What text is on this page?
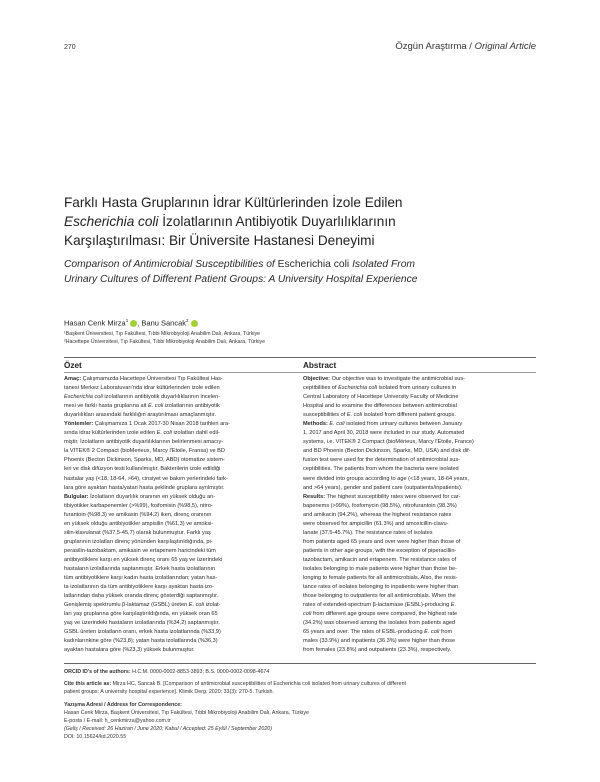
270	Özgün Araştırma / Original Article
Farklı Hasta Gruplarının İdrar Kültürlerinden İzole Edilen
Escherichia coli İzolatlarının Antibiyotik Duyarlılıklarının
Karşılaştırılması: Bir Üniversite Hastanesi Deneyimi
Comparison of Antimicrobial Susceptibilities of Escherichia coli Isolated From
Urinary Cultures of Different Patient Groups: A University Hospital Experience
Hasan Cenk Mirza$^1$ , Banu Sancak$^2$
¹Başkent Üniversitesi, Tıp Fakültesi, Tıbbi Mikrobiyoloji Anabilim Dalı, Ankara, Türkiye
²Hacettepe Üniversitesi, Tıp Fakültesi, Tıbbi Mikrobiyoloji Anabilim Dalı, Ankara, Türkiye
Özet	Abstract
Amaç: Çalışmamızda Hacettepe Üniversitesi Tıp Fakültesi Has-
tanesi Merkez Laboratuvarı'nda idrar kültürlerinden izole edilen
Escherichia coli izolatlarının antibiyotik duyarlılıklarının incelen-
mesi ve farklı hasta gruplarına ait E. coli izolatlarının antibiyotik
duyarlılıkları arasındaki farklılığın araştırılması amaçlanmıştır.
Yöntemler: Çalışmamıza 1 Ocak 2017-30 Nisan 2018 tarihleri ara-
sında idrar kültürlerinden izole edilen E. coli izolatları dahil edil-
miştir. İzolatların antibiyotik duyarlılıklarının belirlenmesi amacıy-
la VITEK® 2 Compact (bioMerieux, Marcy l'Etoile, Fransa) ve BD
Phoenix (Becton Dickinson, Sparks, MD, ABD) otomatize sistem-
leri ve disk difüzyon testi kullanılmıştır. Bakterilerin izole edildiği
hastalar yaş (<18, 18-64, >64), cinsiyet ve bakım yerlerindeki fark-
lara göre ayaktan hasta/yatan hasta şeklinde gruplara ayrılmıştır.
Bulgular: İzolatların duyarlılık oranının en yüksek olduğu an-
tibiyotikler karbapenemler (>%99), fosfomisin (%98,5), nitro-
furantoin (%98,3) ve amikasin (%94,2) iken, direnç oranının
en yüksek olduğu antibiyotikler ampisilin (%61,3) ve amoksi-
silin-klavulanat (%37,5-45,7) olarak bulunmuştur. Farklı yaş
gruplarının izolatları direnç yönünden karşılaştırıldığında, pi-
perasilin-tazobaktam, amikasin ve ertapenem haricindeki tüm
antibiyotiklere karşı en yüksek direnç oranı 65 yaş ve üzerindeki
hastaların izolatlarında saptanmıştır. Erkek hasta izolatlarının
tüm antibiyotiklere karşı kadın hasta izolatlarından; yatan has-
ta izolatlarının da tüm antibiyotiklere karşı ayaktan hasta izo-
latlarından daha yüksek oranda direnç gösterdiği saptanmıştır.
Genişlemiş spektrumlu β-laktamaz (GSBL) üreten E. coli izolat-
ları yaş gruplarına göre karşılaştırıldığında, en yüksek oran 65
yaş ve üzerindeki hastaların izolatlarında (%34,2) saptanmıştır.
GSBL üreten izolatların oranı, erkek hasta izolatlarında (%33,9)
kadınlarınkine göre (%23,8); yatan hasta izolatlarında (%36,3)
ayaktan hastalara göre (%23,3) yüksek bulunmuştur.
Objective: Our objective was to investigate the antimicrobial sus-
ceptibilities of Escherichia coli isolated from urinary cultures in
Central Laboratory of Hacettepe University Faculty of Medicine
Hospital and to examine the differences between antimicrobial
susceptibilities of E. coli isolated from different patient groups.
Methods: E. coli isolated from urinary cultures between January
1, 2017 and April 30, 2018 were included in our study. Automated
systems, i.e. VITEK® 2 Compact (bioMérieux, Marcy l'Etoile, France)
and BD Phoenix (Becton Dickinson, Sparks, MD, USA) and disk dif-
fusion test were used for the determination of antimicrobial sus-
ceptibilities. The patients from whom the bacteria were isolated
were divided into groups according to age (<18 years, 18-64 years,
and >64 years), gender and patient care (outpatients/inpatients).
Results: The highest susceptibility rates were observed for car-
bapenems (>99%), fosfomycin (98.5%), nitrofurantoin (98.3%)
and amikacin (94.2%), whereas the highest resistance rates
were observed for ampicillin (61.3%) and amoxicillin-clavu-
lanate (37.5-45.7%). The resistance rates of isolates
from patients aged 65 years and over were higher than those of
patients in other age groups, with the exception of piperacillin-
tazobactam, amikacin and ertapenem. The resistance rates of
isolates belonging to male patients were higher than those be-
longing to female patients for all antimicrobials. Also, the resis-
tance rates of isolates belonging to inpatients were higher than
those belonging to outpatients for all antimicrobials. When the
rates of extended-spectrum β-lactamase (ESBL)-producing E.
coli from different age groups were compared, the highest rate
(34.2%) was observed among the isolates from patients aged
65 years and over. The rates of ESBL-producing E. coli from
males (33.9%) and inpatients (36.3%) were higher than those
from females (23.8%) and outpatients (23.3%), respectively.
ORCID ID's of the authors: H.C.M. 0000-0002-8853-3893; B.S. 0000-0002-0098-4674
Cite this article as: Mirza HC, Sancak B. [Comparison of antimicrobial susceptibilities of Escherichia coli isolated from urinary cultures of different
patient groups: A university hospital experience]. Klimik Derg. 2020; 33(3): 270-5. Turkish.
Yazışma Adresi / Address for Correspondence:
Hasan Cenk Mirza, Başkent Üniversitesi, Tıp Fakültesi, Tıbbi Mikrobiyoloji Anabilim Dalı, Ankara, Türkiye
E-posta / E-mail: h_cenkmirza@yahoo.com.tr
(Geliş / Received: 26 Haziran / June 2020; Kabul / Accepted: 25 Eylül / September 2020)
DOI: 10.15624/kd.2020.55
